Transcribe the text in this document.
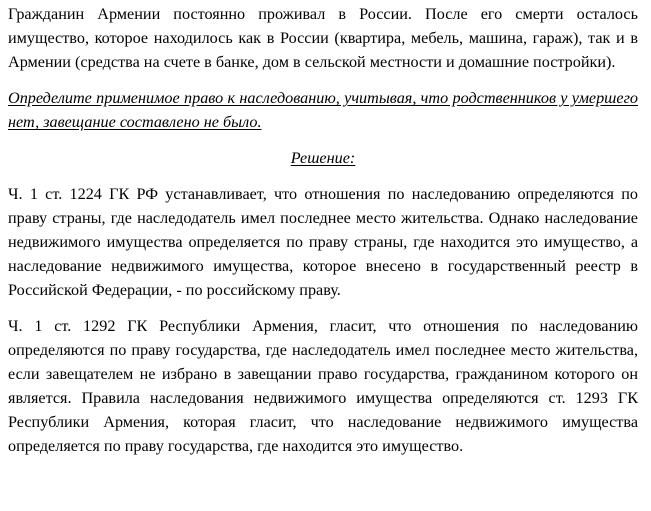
Гражданин Армении постоянно проживал в России. После его смерти осталось имущество, которое находилось как в России (квартира, мебель, машина, гараж), так и в Армении (средства на счете в банке, дом в сельской местности и домашние постройки).

Определите применимое право к наследованию, учитывая, что родственников у умершего нет, завещание составлено не было.

Решение:

Ч. 1 ст. 1224 ГК РФ устанавливает, что отношения по наследованию определяются по праву страны, где наследодатель имел последнее место жительства. Однако наследование недвижимого имущества определяется по праву страны, где находится это имущество, а наследование недвижимого имущества, которое внесено в государственный реестр в Российской Федерации, - по российскому праву.

Ч. 1 ст. 1292 ГК Республики Армения, гласит, что отношения по наследованию определяются по праву государства, где наследодатель имел последнее место жительства, если завещателем не избрано в завещании право государства, гражданином которого он является. Правила наследования недвижимого имущества определяются ст. 1293 ГК Республики Армения, которая гласит, что наследование недвижимого имущества определяется по праву государства, где находится это имущество.
